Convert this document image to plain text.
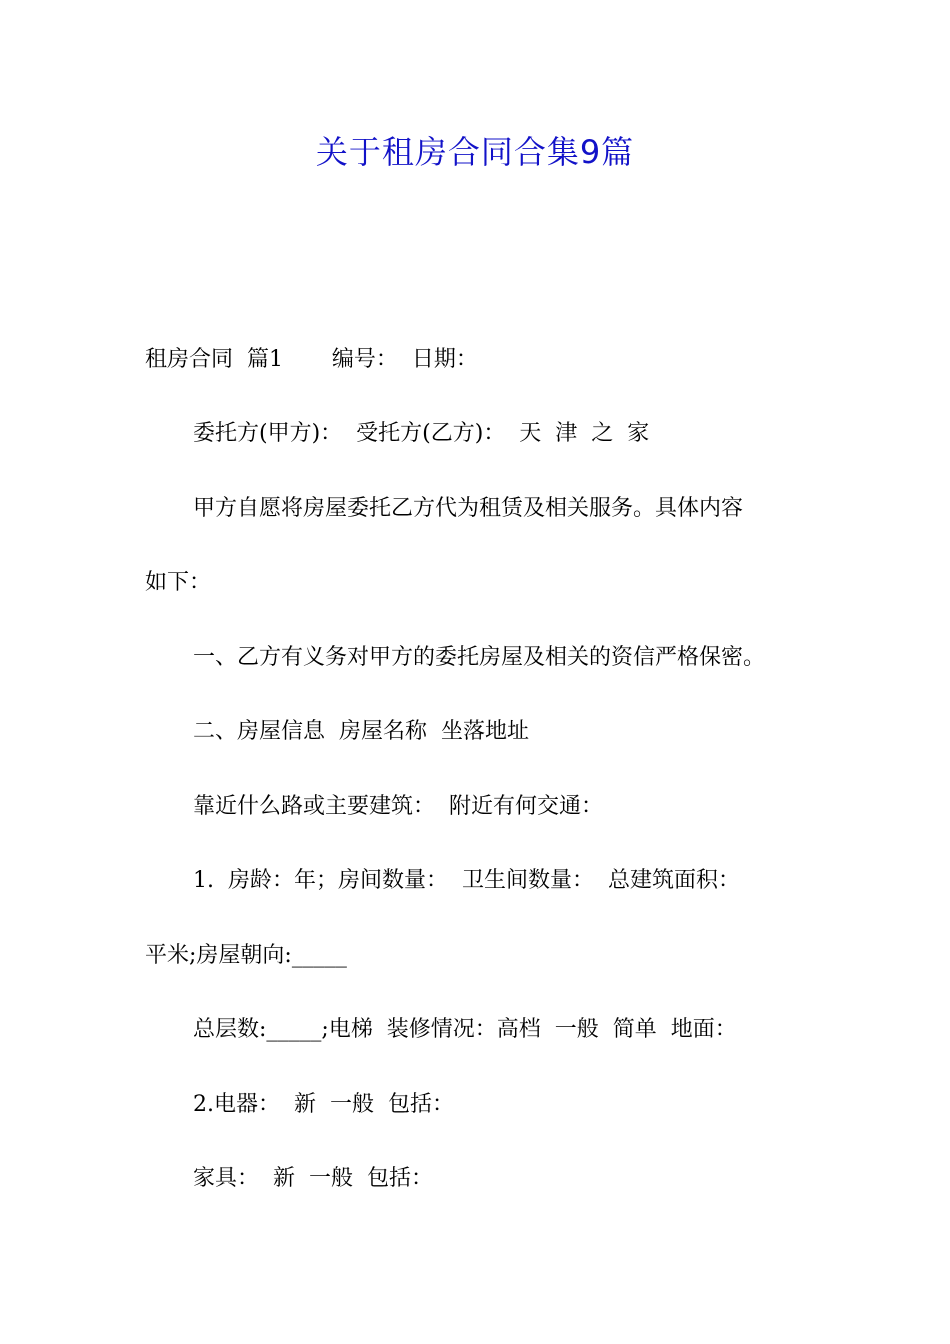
关于租房合同合集9篇
租房合同  篇1       编号：  日期：
委托方(甲方)：  受托方(乙方)：  天  津  之  家
甲方自愿将房屋委托乙方代为租赁及相关服务。具体内容
如下：
一、乙方有义务对甲方的委托房屋及相关的资信严格保密。
二、房屋信息  房屋名称  坐落地址
靠近什么路或主要建筑：  附近有何交通：
1.  房龄：年；房间数量：  卫生间数量：  总建筑面积：
平米;房屋朝向:_____
总层数:_____;电梯  装修情况：高档  一般  简单  地面：
2.电器：  新  一般  包括：
家具：  新  一般  包括：
